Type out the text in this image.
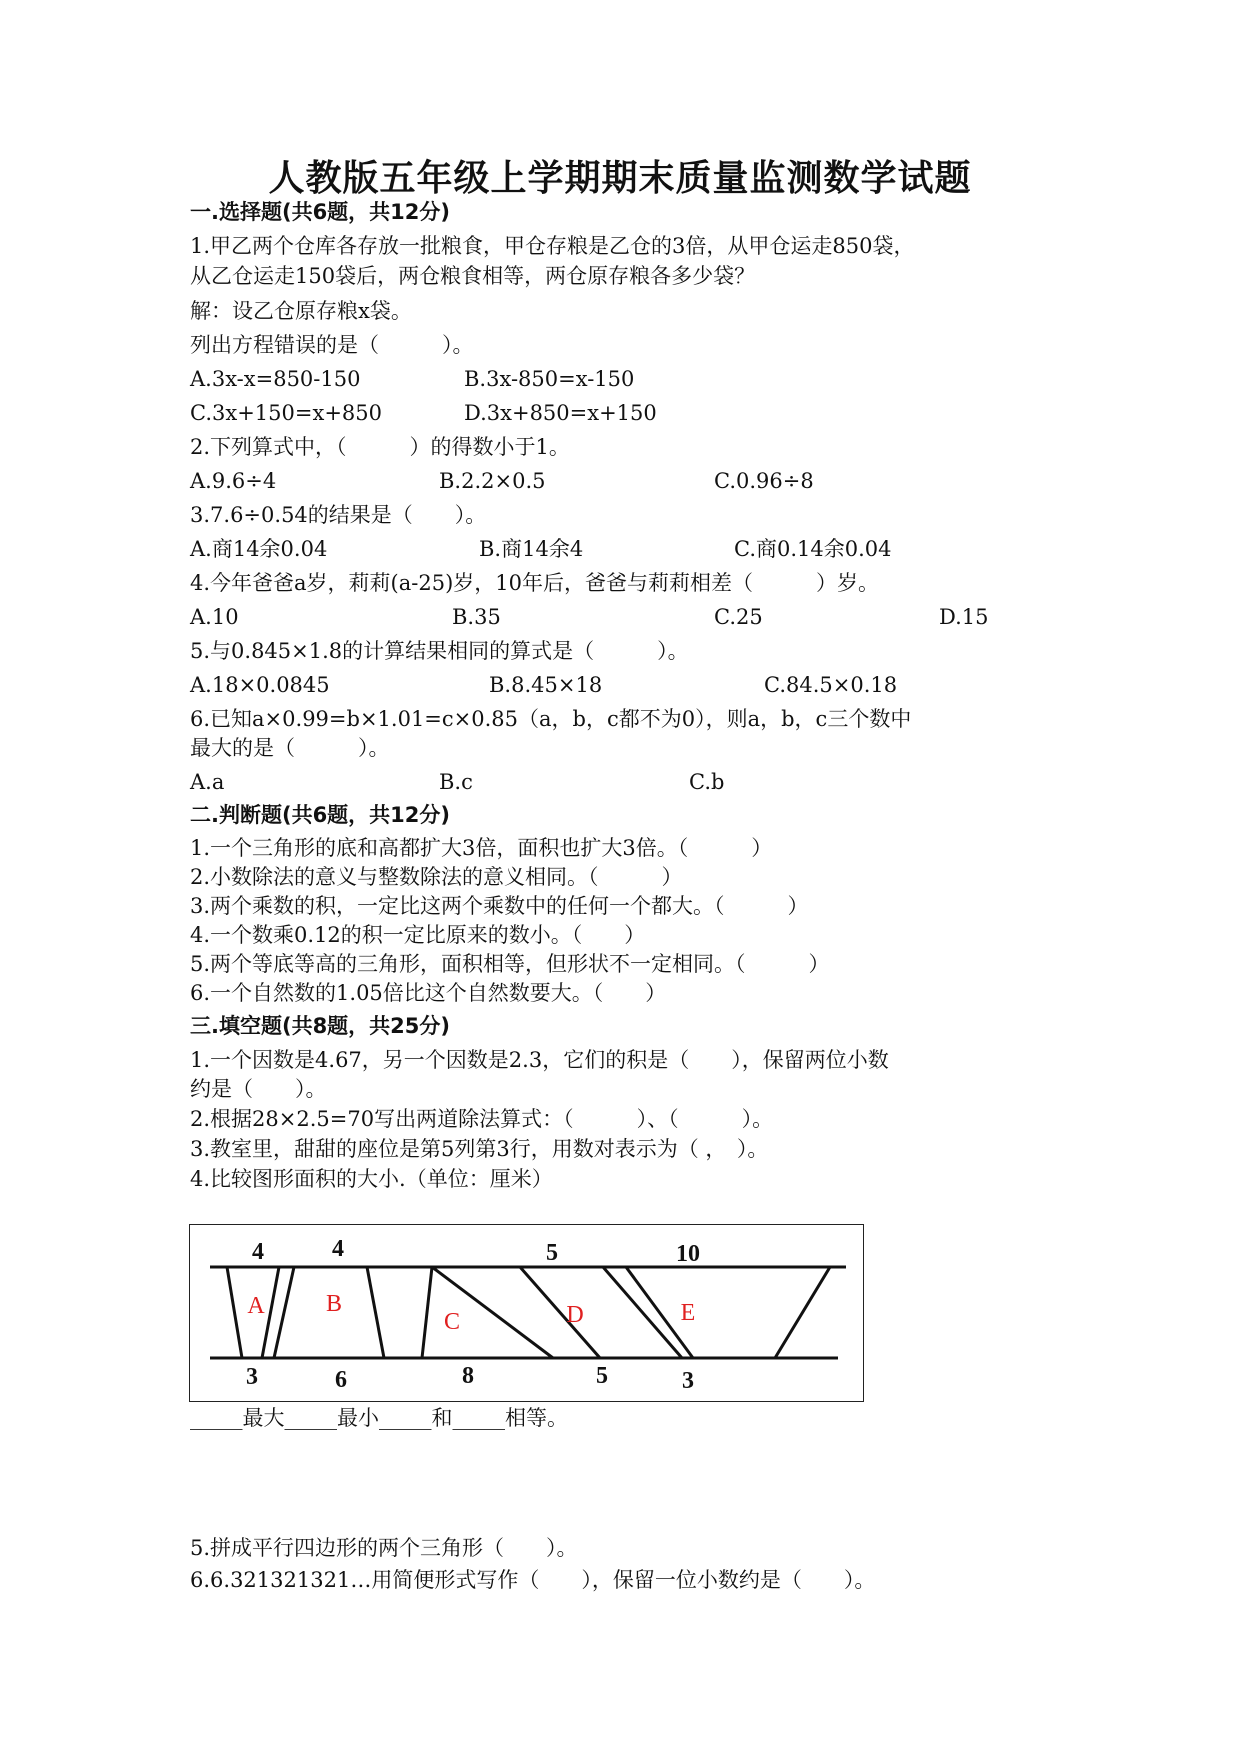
人教版五年级上学期期末质量监测数学试题
一.选择题(共6题，共12分)
1.甲乙两个仓库各存放一批粮食，甲仓存粮是乙仓的3倍，从甲仓运走850袋，
从乙仓运走150袋后，两仓粮食相等，两仓原存粮各多少袋？
解：设乙仓原存粮x袋。
列出方程错误的是（　　　）。
A.3x-x=850-150	B.3x-850=x-150
C.3x+150=x+850	D.3x+850=x+150
2.下列算式中，（　　　）的得数小于1。
A.9.6÷4	B.2.2×0.5	C.0.96÷8
3.7.6÷0.54的结果是（　　）。
A.商14余0.04	B.商14余4	C.商0.14余0.04
4.今年爸爸a岁，莉莉(a-25)岁，10年后，爸爸与莉莉相差（　　　）岁。
A.10	B.35	C.25	D.15
5.与0.845×1.8的计算结果相同的算式是（　　　）。
A.18×0.0845	B.8.45×18	C.84.5×0.18
6.已知a×0.99=b×1.01=c×0.85（a，b，c都不为0），则a，b，c三个数中
最大的是（　　　）。
A.a	B.c	C.b
二.判断题(共6题，共12分)
1.一个三角形的底和高都扩大3倍，面积也扩大3倍。（　　　）
2.小数除法的意义与整数除法的意义相同。（　　　）
3.两个乘数的积，一定比这两个乘数中的任何一个都大。（　　　）
4.一个数乘0.12的积一定比原来的数小。（　　）
5.两个等底等高的三角形，面积相等，但形状不一定相同。（　　　）
6.一个自然数的1.05倍比这个自然数要大。（　　）
三.填空题(共8题，共25分)
1.一个因数是4.67，另一个因数是2.3，它们的积是（　　），保留两位小数
约是（　　）。
2.根据28×2.5=70写出两道除法算式：（　　　）、（　　　）。
3.教室里，甜甜的座位是第5列第3行，用数对表示为（ ，　）。
4.比较图形面积的大小.（单位：厘米）
4	4	5	10
3	6	8	5	3
A	B
C	D	E
_____最大_____最小_____和_____相等。
5.拼成平行四边形的两个三角形（　　）。
6.6.321321321…用简便形式写作（　　），保留一位小数约是（　　）。
